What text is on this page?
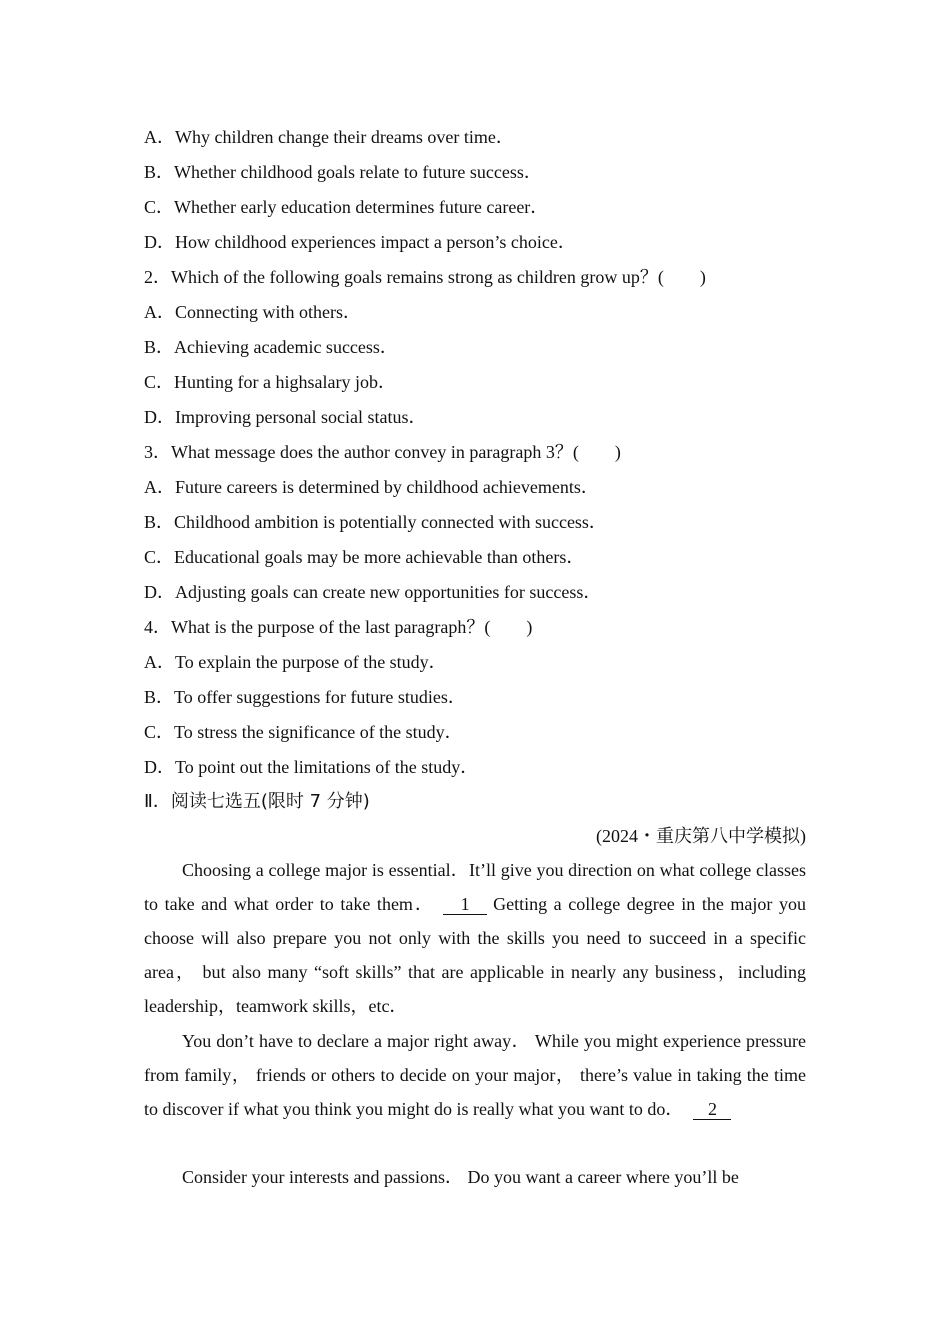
A．Why children change their dreams over time．
B．Whether childhood goals relate to future success．
C．Whether early education determines future career．
D．How childhood experiences impact a person’s choice．
2．Which of the following goals remains strong as children grow up？(　　)
A．Connecting with others．
B．Achieving academic success．
C．Hunting for a highsalary job．
D．Improving personal social status．
3．What message does the author convey in paragraph 3？(　　)
A．Future careers is determined by childhood achievements．
B．Childhood ambition is potentially connected with success．
C．Educational goals may be more achievable than others．
D．Adjusting goals can create new opportunities for success．
4．What is the purpose of the last paragraph？(　　)
A．To explain the purpose of the study．
B．To offer suggestions for future studies．
C．To stress the significance of the study．
D．To point out the limitations of the study．
Ⅱ．阅读七选五(限时 7 分钟)
(2024・重庆第八中学模拟)
Choosing a college major is essential．It’ll give you direction on what college classes to take and what order to take them． 1 Getting a college degree in the major you choose will also prepare you not only with the skills you need to succeed in a specific area， but also many “soft skills” that are applicable in nearly any business，including leadership，teamwork skills，etc．
You don’t have to declare a major right away． While you might experience pressure from family， friends or others to decide on your major， there’s value in taking the time to discover if what you think you might do is really what you want to do． 2
Consider your interests and passions． Do you want a career where you’ll be
